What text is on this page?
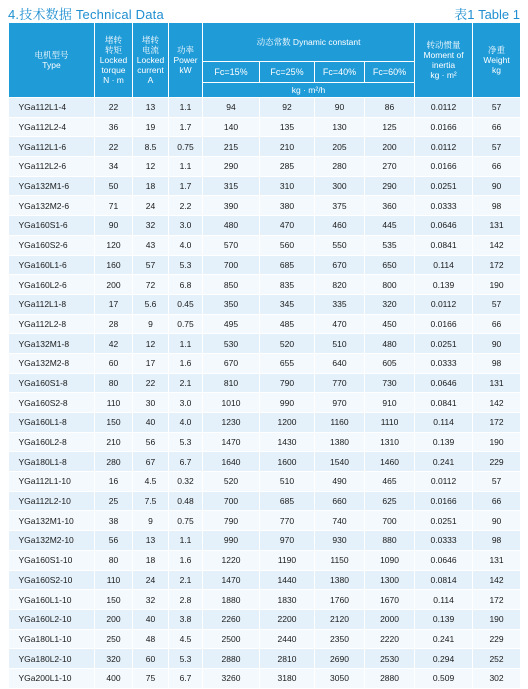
4.技术数据 Technical Data	表1 Table 1
电机型号
Type	堵转
转矩
Locked
torque
N · m	堵转
电流
Locked
current
A	功率
Power
kW	动态常数 Dynamic constant				转动惯量
Moment of
inertia
kg · m²	净重
Weight
kg

				Fc=15%	Fc=25%	Fc=40%	Fc=60%		
				kg · m²/h					
YGa112L1-4	22	13	1.1	94	92	90	86	0.0112	57
YGa112L2-4	36	19	1.7	140	135	130	125	0.0166	66
YGa112L1-6	22	8.5	0.75	215	210	205	200	0.0112	57
YGa112L2-6	34	12	1.1	290	285	280	270	0.0166	66
YGa132M1-6	50	18	1.7	315	310	300	290	0.0251	90
YGa132M2-6	71	24	2.2	390	380	375	360	0.0333	98
YGa160S1-6	90	32	3.0	480	470	460	445	0.0646	131
YGa160S2-6	120	43	4.0	570	560	550	535	0.0841	142
YGa160L1-6	160	57	5.3	700	685	670	650	0.114	172
YGa160L2-6	200	72	6.8	850	835	820	800	0.139	190
YGa112L1-8	17	5.6	0.45	350	345	335	320	0.0112	57
YGa112L2-8	28	9	0.75	495	485	470	450	0.0166	66
YGa132M1-8	42	12	1.1	530	520	510	480	0.0251	90
YGa132M2-8	60	17	1.6	670	655	640	605	0.0333	98
YGa160S1-8	80	22	2.1	810	790	770	730	0.0646	131
YGa160S2-8	110	30	3.0	1010	990	970	910	0.0841	142
YGa160L1-8	150	40	4.0	1230	1200	1160	1110	0.114	172
YGa160L2-8	210	56	5.3	1470	1430	1380	1310	0.139	190
YGa180L1-8	280	67	6.7	1640	1600	1540	1460	0.241	229
YGa112L1-10	16	4.5	0.32	520	510	490	465	0.0112	57
YGa112L2-10	25	7.5	0.48	700	685	660	625	0.0166	66
YGa132M1-10	38	9	0.75	790	770	740	700	0.0251	90
YGa132M2-10	56	13	1.1	990	970	930	880	0.0333	98
YGa160S1-10	80	18	1.6	1220	1190	1150	1090	0.0646	131
YGa160S2-10	110	24	2.1	1470	1440	1380	1300	0.0814	142
YGa160L1-10	150	32	2.8	1880	1830	1760	1670	0.114	172
YGa160L2-10	200	40	3.8	2260	2200	2120	2000	0.139	190
YGa180L1-10	250	48	4.5	2500	2440	2350	2220	0.241	229
YGa180L2-10	320	60	5.3	2880	2810	2690	2530	0.294	252
YGa200L1-10	400	75	6.7	3260	3180	3050	2880	0.509	302
